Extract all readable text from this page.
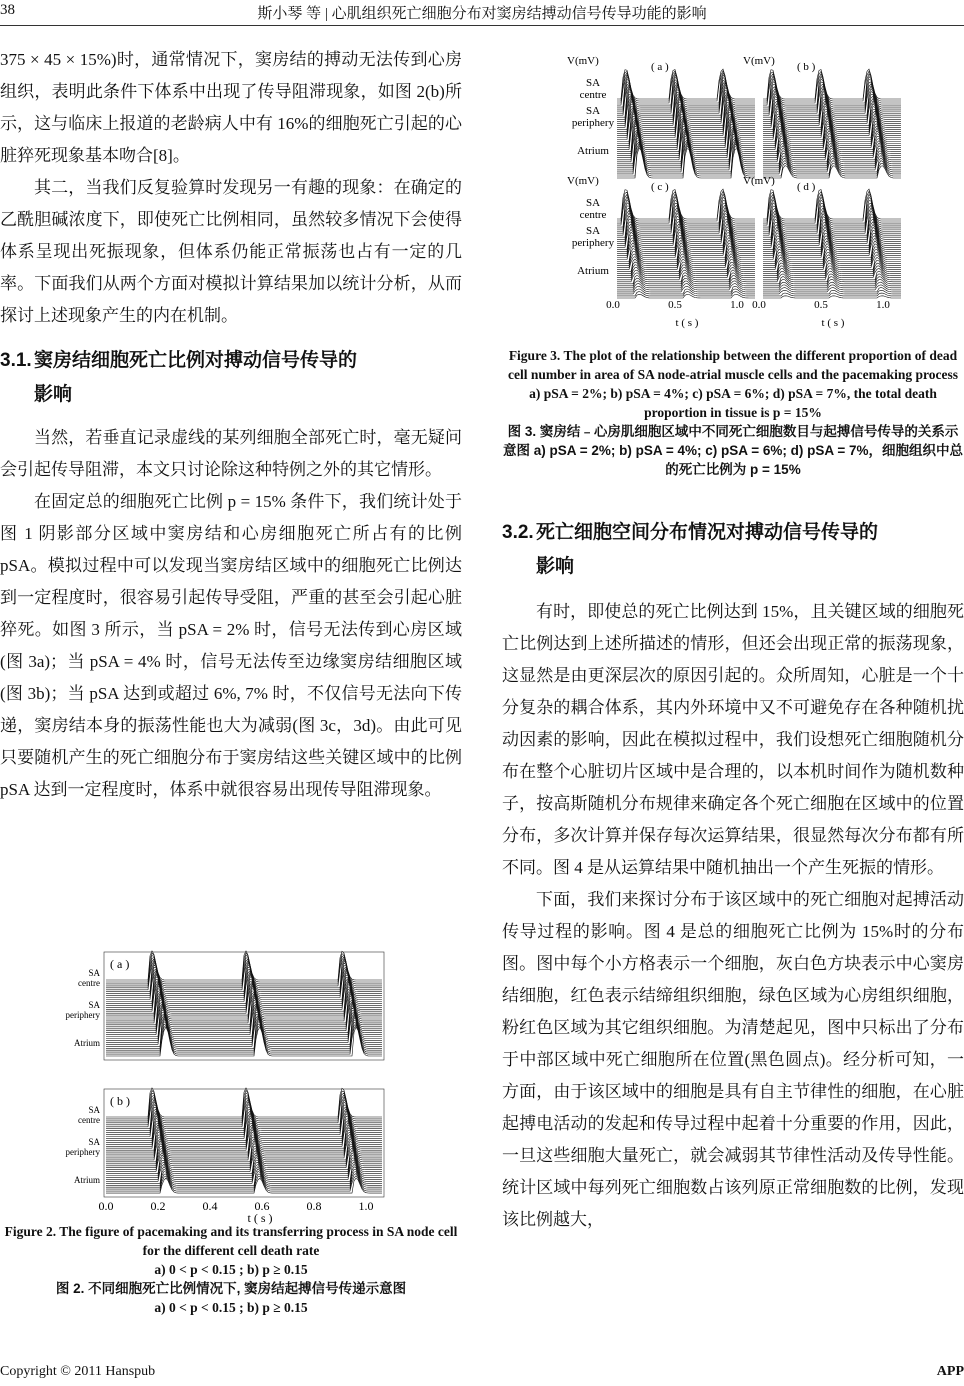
38	斯小琴 等 | 心肌组织死亡细胞分布对窦房结搏动信号传导功能的影响

375 × 45 × 15%)时，通常情况下，窦房结的搏动无法传到心房组织，表明此条件下体系中出现了传导阻滞现象，如图 2(b)所示，这与临床上报道的老龄病人中有 16%的细胞死亡引起的心脏猝死现象基本吻合[8]。

其二，当我们反复验算时发现另一有趣的现象：在确定的乙酰胆碱浓度下，即使死亡比例相同，虽然较多情况下会使得体系呈现出死振现象，但体系仍能正常振荡也占有一定的几率。下面我们从两个方面对模拟计算结果加以统计分析，从而探讨上述现象产生的内在机制。

3.1. 窦房结细胞死亡比例对搏动信号传导的
影响

当然，若垂直记录虚线的某列细胞全部死亡时，毫无疑问会引起传导阻滞，本文只讨论除这种特例之外的其它情形。

在固定总的细胞死亡比例 p = 15% 条件下，我们统计处于图 1 阴影部分区域中窦房结和心房细胞死亡所占有的比例 pSA。模拟过程中可以发现当窦房结区域中的细胞死亡比例达到一定程度时，很容易引起传导受阻，严重的甚至会引起心脏猝死。如图 3 所示，当 pSA = 2% 时，信号无法传到心房区域(图 3a)；当 pSA = 4% 时，信号无法传至边缘窦房结细胞区域(图 3b)；当 pSA 达到或超过 6%, 7% 时，不仅信号无法向下传递，窦房结本身的振荡性能也大为减弱(图 3c，3d)。由此可见只要随机产生的死亡细胞分布于窦房结这些关键区域中的比例 pSA 达到一定程度时，体系中就很容易出现传导阻滞现象。

( a )
SA
centre
SA
periphery
Atrium
( b )
SA
centre
SA
periphery
Atrium
0.0	0.2	0.4	0.6	0.8	1.0
t ( s )
Figure 2. The figure of pacemaking and its transferring process in SA node cell for the different cell death rate
a) 0 < p < 0.15 ; b) p ≥ 0.15
图 2. 不同细胞死亡比例情况下, 窦房结起搏信号传递示意图
a) 0 < p < 0.15 ; b) p ≥ 0.15
V(mV)	( a )	V(mV) ( b )
V(mV)	( c )	V(mV) ( d )
SA
centre
SA
periphery
Atrium
SA
centre
SA
periphery
Atrium
0.0	0.5	1.0
t ( s )
0.0	0.5	1.0
t ( s )
Figure 3. The plot of the relationship between the different proportion of dead cell number in area of SA node-atrial muscle cells and the pacemaking process a) pSA = 2%; b) pSA = 4%; c) pSA = 6%; d) pSA = 7%, the total death proportion in tissue is p = 15%
图 3. 窦房结﹣心房肌细胞区域中不同死亡细胞数目与起搏信号传导的关系示意图 a) pSA = 2%; b) pSA = 4%; c) pSA = 6%; d) pSA = 7%，细胞组织中总的死亡比例为 p = 15%
3.2. 死亡细胞空间分布情况对搏动信号传导的
影响

有时，即使总的死亡比例达到 15%，且关键区域的细胞死亡比例达到上述所描述的情形，但还会出现正常的振荡现象，这显然是由更深层次的原因引起的。众所周知，心脏是一个十分复杂的耦合体系，其内外环境中又不可避免存在各种随机扰动因素的影响，因此在模拟过程中，我们设想死亡细胞随机分布在整个心脏切片区域中是合理的，以本机时间作为随机数种子，按高斯随机分布规律来确定各个死亡细胞在区域中的位置分布，多次计算并保存每次运算结果，很显然每次分布都有所不同。图 4 是从运算结果中随机抽出一个产生死振的情形。

下面，我们来探讨分布于该区域中的死亡细胞对起搏活动传导过程的影响。图 4 是总的细胞死亡比例为 15%时的分布图。图中每个小方格表示一个细胞，灰白色方块表示中心窦房结细胞，红色表示结缔组织细胞，绿色区域为心房组织细胞，粉红色区域为其它组织细胞。为清楚起见，图中只标出了分布于中部区域中死亡细胞所在位置(黑色圆点)。经分析可知，一方面，由于该区域中的细胞是具有自主节律性的细胞，在心脏起搏电活动的发起和传导过程中起着十分重要的作用，因此，一旦这些细胞大量死亡，就会减弱其节律性活动及传导性能。统计区域中每列死亡细胞数占该列原正常细胞数的比例，发现该比例越大，

Copyright © 2011 Hanspub	APP
